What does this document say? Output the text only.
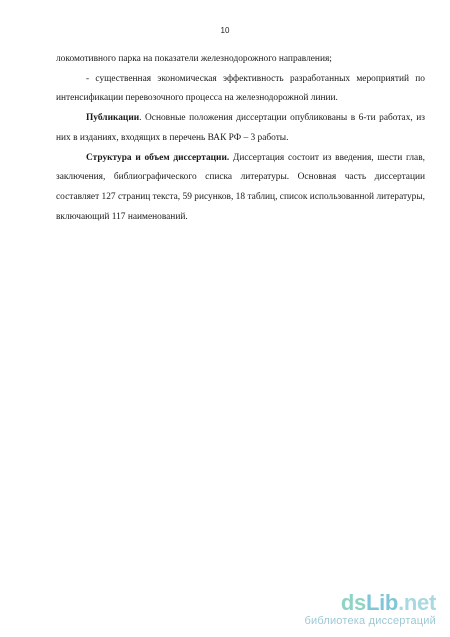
10

локомотивного парка на показатели железнодорожного направления;

- существенная экономическая эффективность разработанных мероприятий по интенсификации перевозочного процесса на железнодорожной линии.

Публикации. Основные положения диссертации опубликованы в 6-ти работах, из них в изданиях, входящих в перечень ВАК РФ – 3 работы.

Структура и объем диссертации. Диссертация состоит из введения, шести глав, заключения, библиографического списка литературы. Основная часть диссертации составляет 127 страниц текста, 59 рисунков, 18 таблиц, список использованной литературы, включающий 117 наименований.

dsLib.net
библиотека диссертаций
